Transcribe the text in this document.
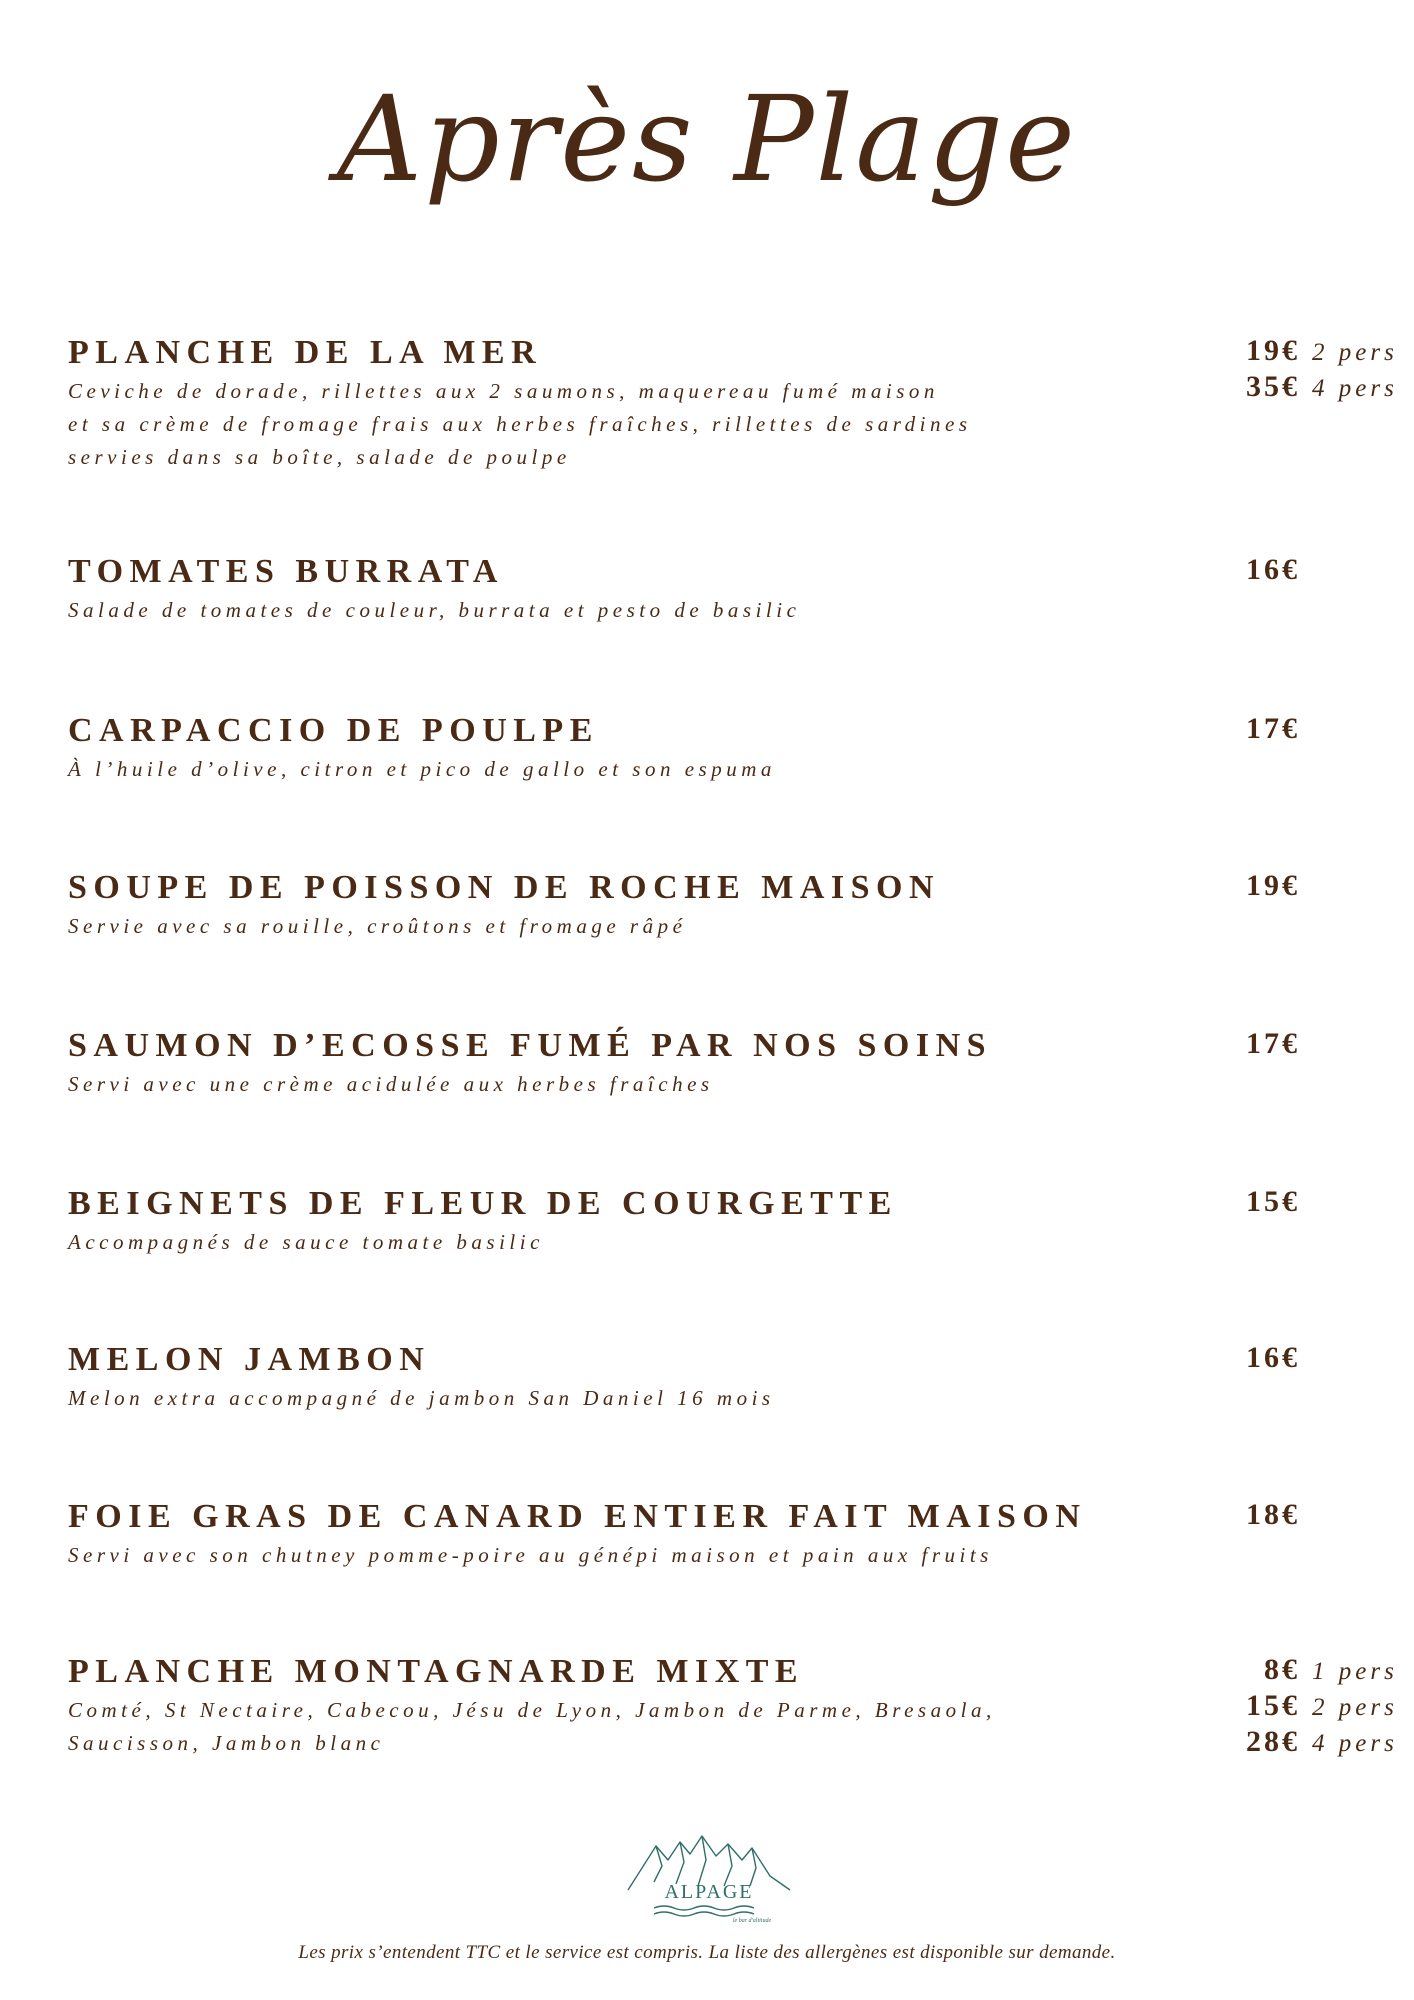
Après Plage
PLANCHE DE LA MER
Ceviche de dorade, rillettes aux 2 saumons, maquereau fumé maison
et sa crème de fromage frais aux herbes fraîches, rillettes de sardines
servies dans sa boîte, salade de poulpe
19€ 2 pers
35€ 4 pers
TOMATES BURRATA
Salade de tomates de couleur, burrata et pesto de basilic
16€
CARPACCIO DE POULPE
À l’huile d’olive, citron et pico de gallo et son espuma
17€
SOUPE DE POISSON DE ROCHE MAISON
Servie avec sa rouille, croûtons et fromage râpé
19€
SAUMON D’ECOSSE FUMÉ PAR NOS SOINS
Servi avec une crème acidulée aux herbes fraîches
17€
BEIGNETS DE FLEUR DE COURGETTE
Accompagnés de sauce tomate basilic
15€
MELON JAMBON
Melon extra accompagné de jambon San Daniel 16 mois
16€
FOIE GRAS DE CANARD ENTIER FAIT MAISON
Servi avec son chutney pomme-poire au génépi maison et pain aux fruits
18€
PLANCHE MONTAGNARDE MIXTE
Comté, St Nectaire, Cabecou, Jésu de Lyon, Jambon de Parme, Bresaola,
Saucisson, Jambon blanc
8€ 1 pers
15€ 2 pers
28€ 4 pers
ALPAGE
le bar d'altitude
Les prix s’entendent TTC et le service est compris. La liste des allergènes est disponible sur demande.
